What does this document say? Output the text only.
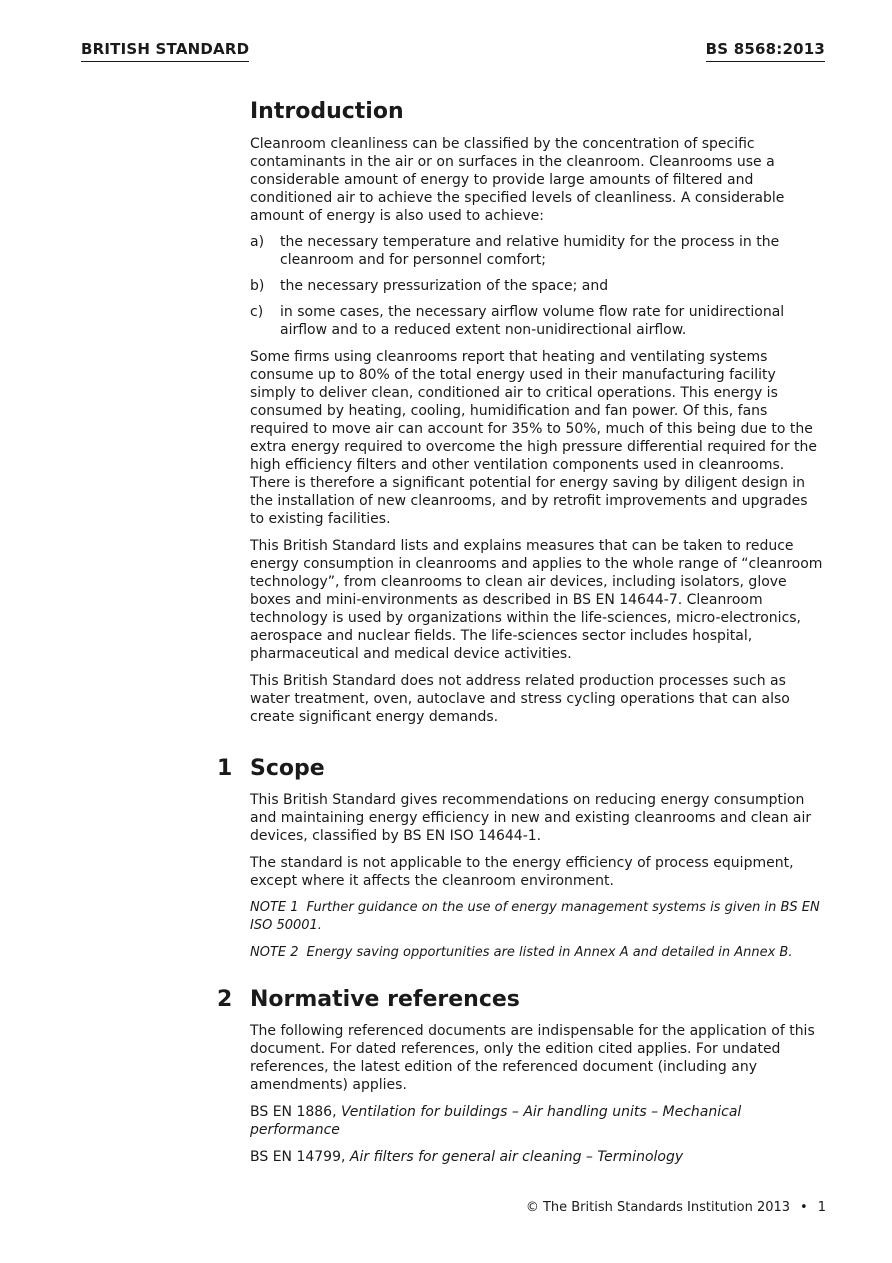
BRITISH STANDARD	BS 8568:2013
Introduction

Cleanroom cleanliness can be classified by the concentration of specific contaminants in the air or on surfaces in the cleanroom. Cleanrooms use a considerable amount of energy to provide large amounts of filtered and conditioned air to achieve the specified levels of cleanliness. A considerable amount of energy is also used to achieve:

a) the necessary temperature and relative humidity for the process in the cleanroom and for personnel comfort;
b) the necessary pressurization of the space; and
c) in some cases, the necessary airflow volume flow rate for unidirectional airflow and to a reduced extent non-unidirectional airflow.

Some firms using cleanrooms report that heating and ventilating systems consume up to 80% of the total energy used in their manufacturing facility simply to deliver clean, conditioned air to critical operations. This energy is consumed by heating, cooling, humidification and fan power. Of this, fans required to move air can account for 35% to 50%, much of this being due to the extra energy required to overcome the high pressure differential required for the high efficiency filters and other ventilation components used in cleanrooms. There is therefore a significant potential for energy saving by diligent design in the installation of new cleanrooms, and by retrofit improvements and upgrades to existing facilities.

This British Standard lists and explains measures that can be taken to reduce energy consumption in cleanrooms and applies to the whole range of “cleanroom technology”, from cleanrooms to clean air devices, including isolators, glove boxes and mini-environments as described in BS EN 14644-7. Cleanroom technology is used by organizations within the life-sciences, micro-electronics, aerospace and nuclear fields. The life-sciences sector includes hospital, pharmaceutical and medical device activities.

This British Standard does not address related production processes such as water treatment, oven, autoclave and stress cycling operations that can also create significant energy demands.

1 Scope

This British Standard gives recommendations on reducing energy consumption and maintaining energy efficiency in new and existing cleanrooms and clean air devices, classified by BS EN ISO 14644-1.

The standard is not applicable to the energy efficiency of process equipment, except where it affects the cleanroom environment.

NOTE 1 Further guidance on the use of energy management systems is given in BS EN ISO 50001.

NOTE 2 Energy saving opportunities are listed in Annex A and detailed in Annex B.

2 Normative references

The following referenced documents are indispensable for the application of this document. For dated references, only the edition cited applies. For undated references, the latest edition of the referenced document (including any amendments) applies.

BS EN 1886, Ventilation for buildings – Air handling units – Mechanical performance

BS EN 14799, Air filters for general air cleaning – Terminology

© The British Standards Institution 2013 • 1
